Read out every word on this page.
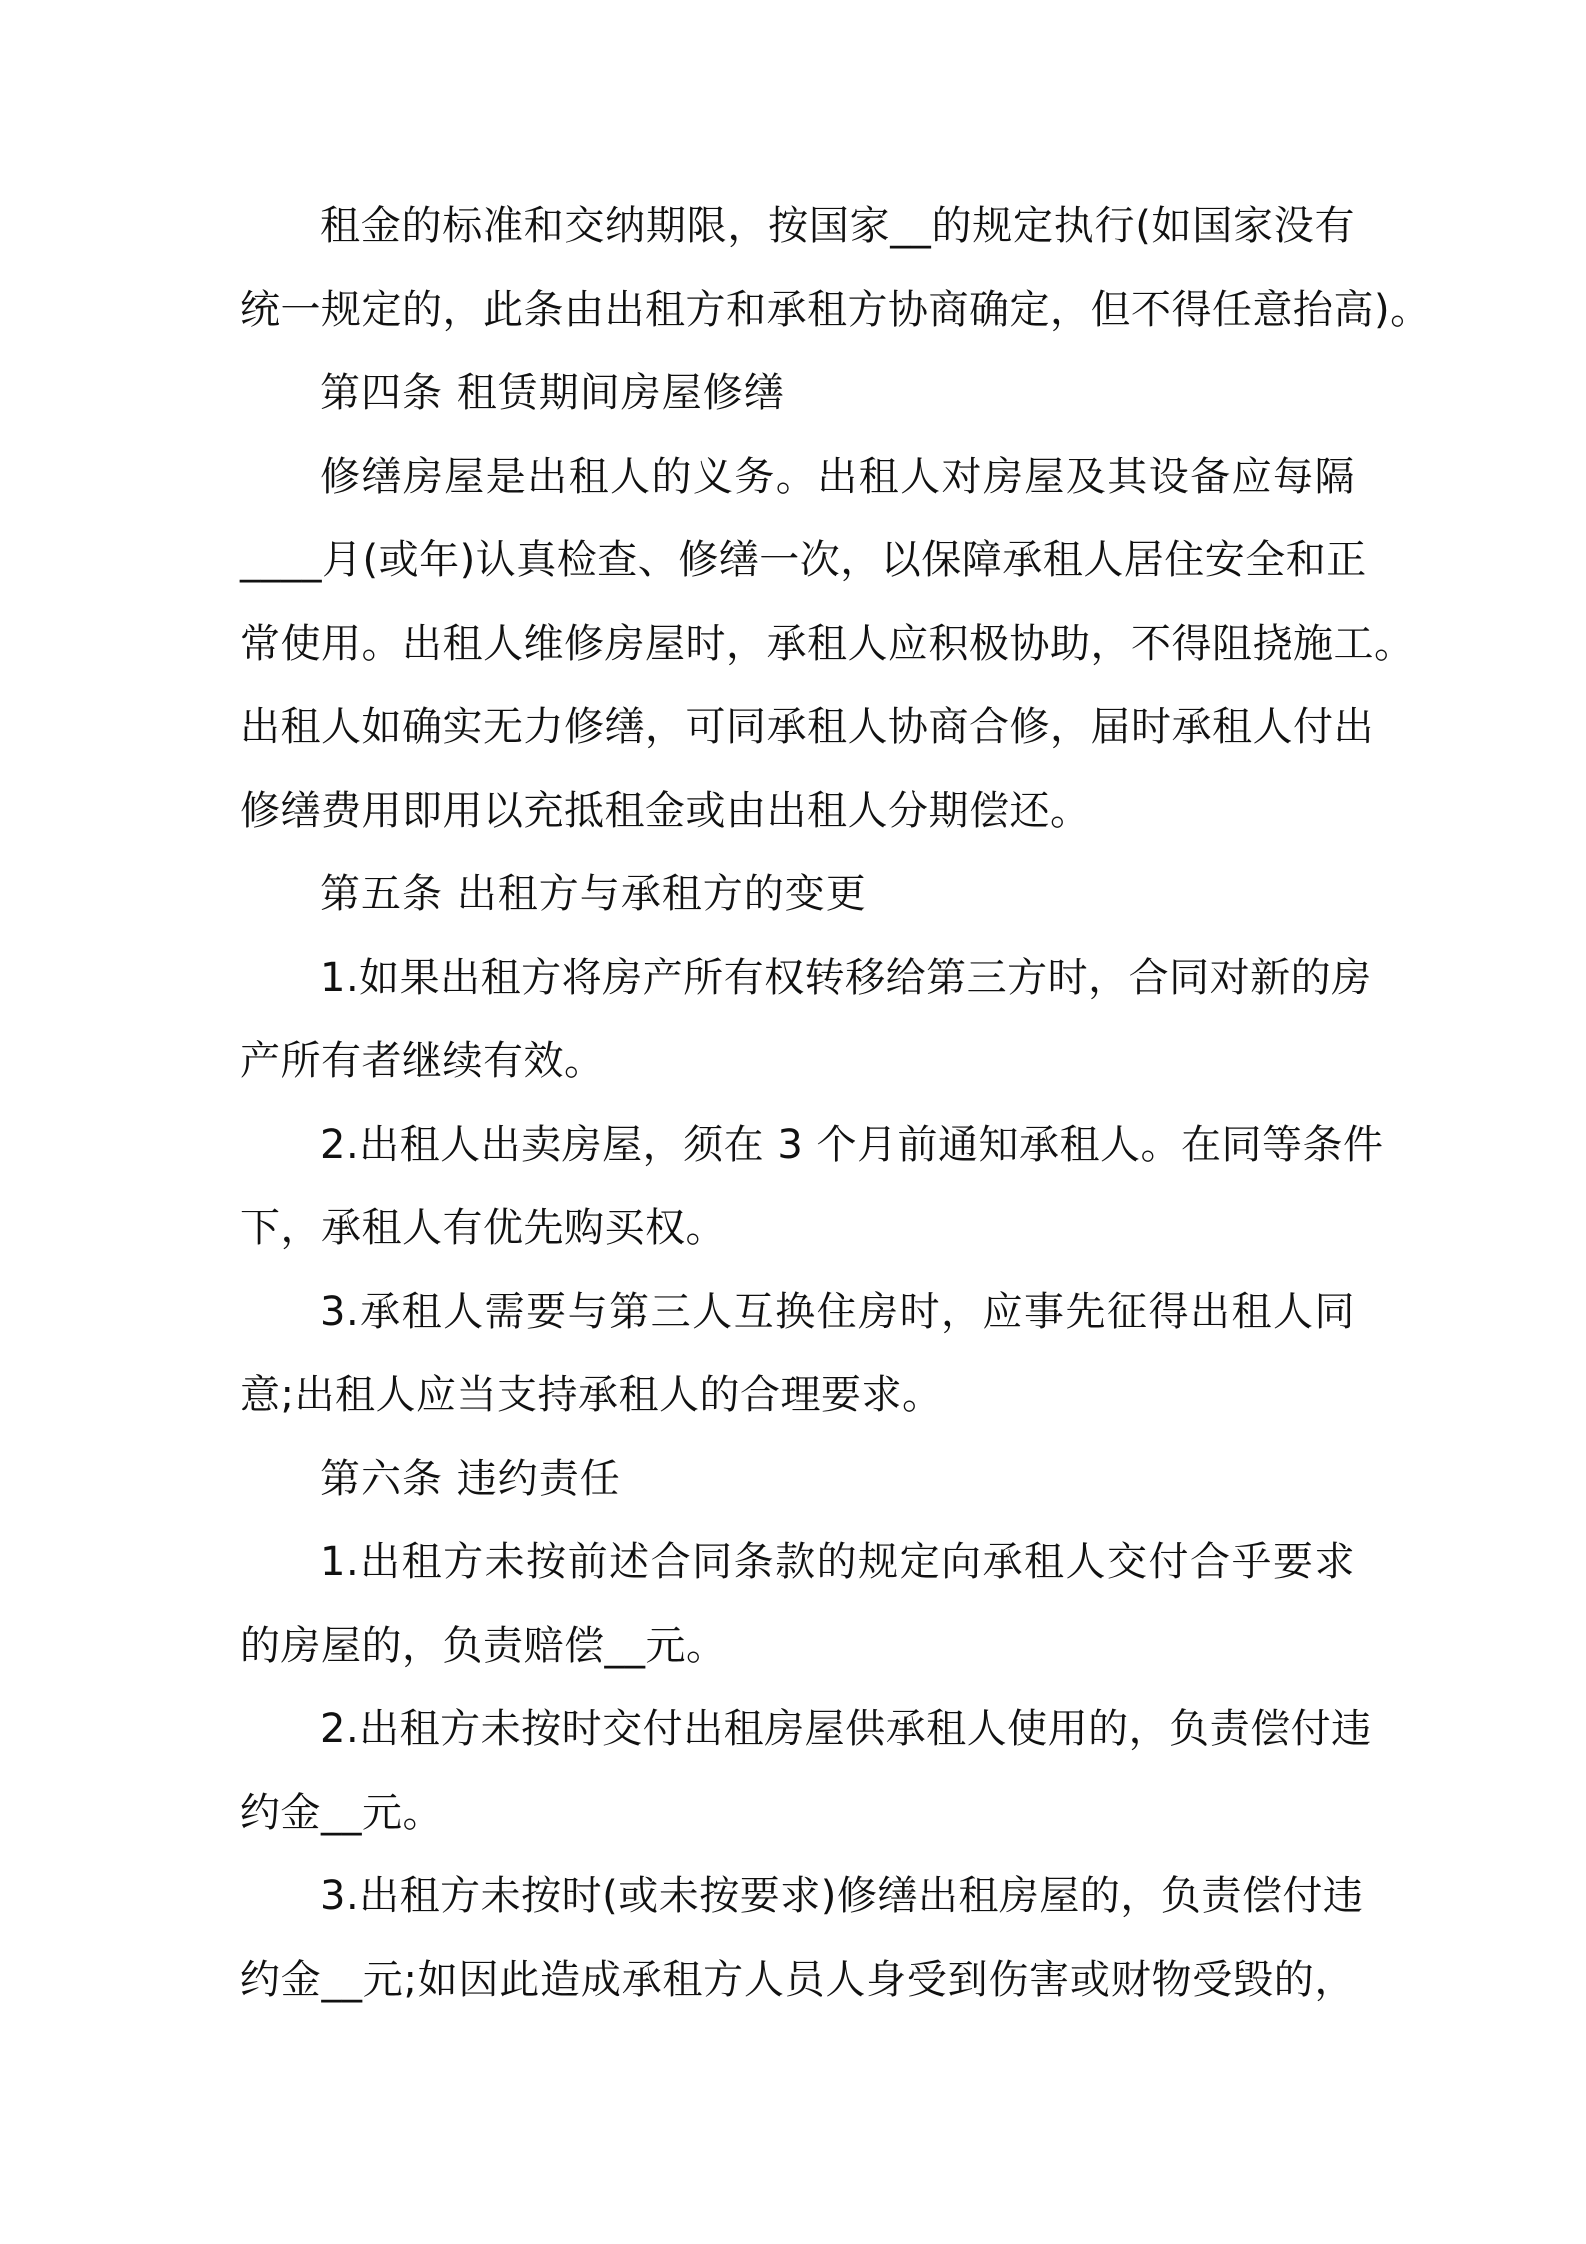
租金的标准和交纳期限，按国家__的规定执行(如国家没有
统一规定的，此条由出租方和承租方协商确定，但不得任意抬高)。
第四条 租赁期间房屋修缮
修缮房屋是出租人的义务。出租人对房屋及其设备应每隔
____月(或年)认真检查、修缮一次，以保障承租人居住安全和正
常使用。出租人维修房屋时，承租人应积极协助，不得阻挠施工。
出租人如确实无力修缮，可同承租人协商合修，届时承租人付出
修缮费用即用以充抵租金或由出租人分期偿还。
第五条 出租方与承租方的变更
1.如果出租方将房产所有权转移给第三方时，合同对新的房
产所有者继续有效。
2.出租人出卖房屋，须在 3 个月前通知承租人。在同等条件
下，承租人有优先购买权。
3.承租人需要与第三人互换住房时，应事先征得出租人同
意;出租人应当支持承租人的合理要求。
第六条 违约责任
1.出租方未按前述合同条款的规定向承租人交付合乎要求
的房屋的，负责赔偿__元。
2.出租方未按时交付出租房屋供承租人使用的，负责偿付违
约金__元。
3.出租方未按时(或未按要求)修缮出租房屋的，负责偿付违
约金__元;如因此造成承租方人员人身受到伤害或财物受毁的，
